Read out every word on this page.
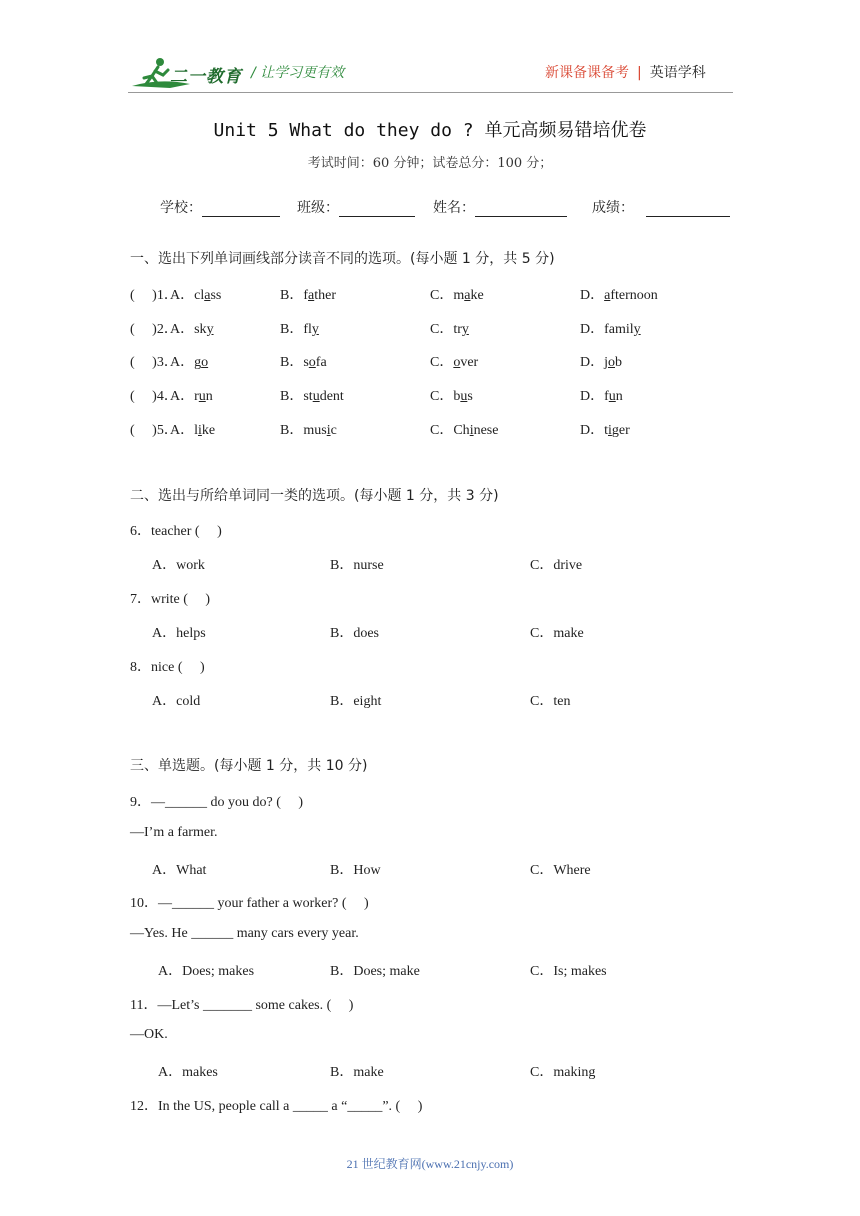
二一教育 / 让学习更有效	新课备课备考 | 英语学科
Unit 5 What do they do ? 单元高频易错培优卷
考试时间：60 分钟；试卷总分：100 分；
学校：	班级：	姓名：	成绩：
一、选出下列单词画线部分读音不同的选项。(每小题 1 分，共 5 分)
(　 )1．
A．class	B．father	C．make	D．afternoon
(　 )2．
A．sky	B．fly	C．try	D．family
(　 )3．
A．go	B．sofa	C．over	D．job
(　 )4．
A．run	B．student	C．bus	D．fun
(　 )5．
A．like	B．music	C．Chinese	D．tiger
二、选出与所给单词同一类的选项。(每小题 1 分，共 3 分)
6．teacher (　 )
A．work	B．nurse	C．drive
7．write (　 )
A．helps	B．does	C．make
8．nice (　 )
A．cold	B．eight	C．ten
三、单选题。(每小题 1 分，共 10 分)
9．—______ do you do? (　 )
—I’m a farmer.
A．What	B．How	C．Where
10．—______ your father a worker? (　 )
—Yes. He ______ many cars every year.
A．Does; makes	B．Does; make	C．Is; makes
11．—Let’s _______ some cakes. (　 )
—OK.
A．makes	B．make	C．making
12．In the US, people call a _____ a “_____”. (　 )
21 世纪教育网(www.21cnjy.com)
